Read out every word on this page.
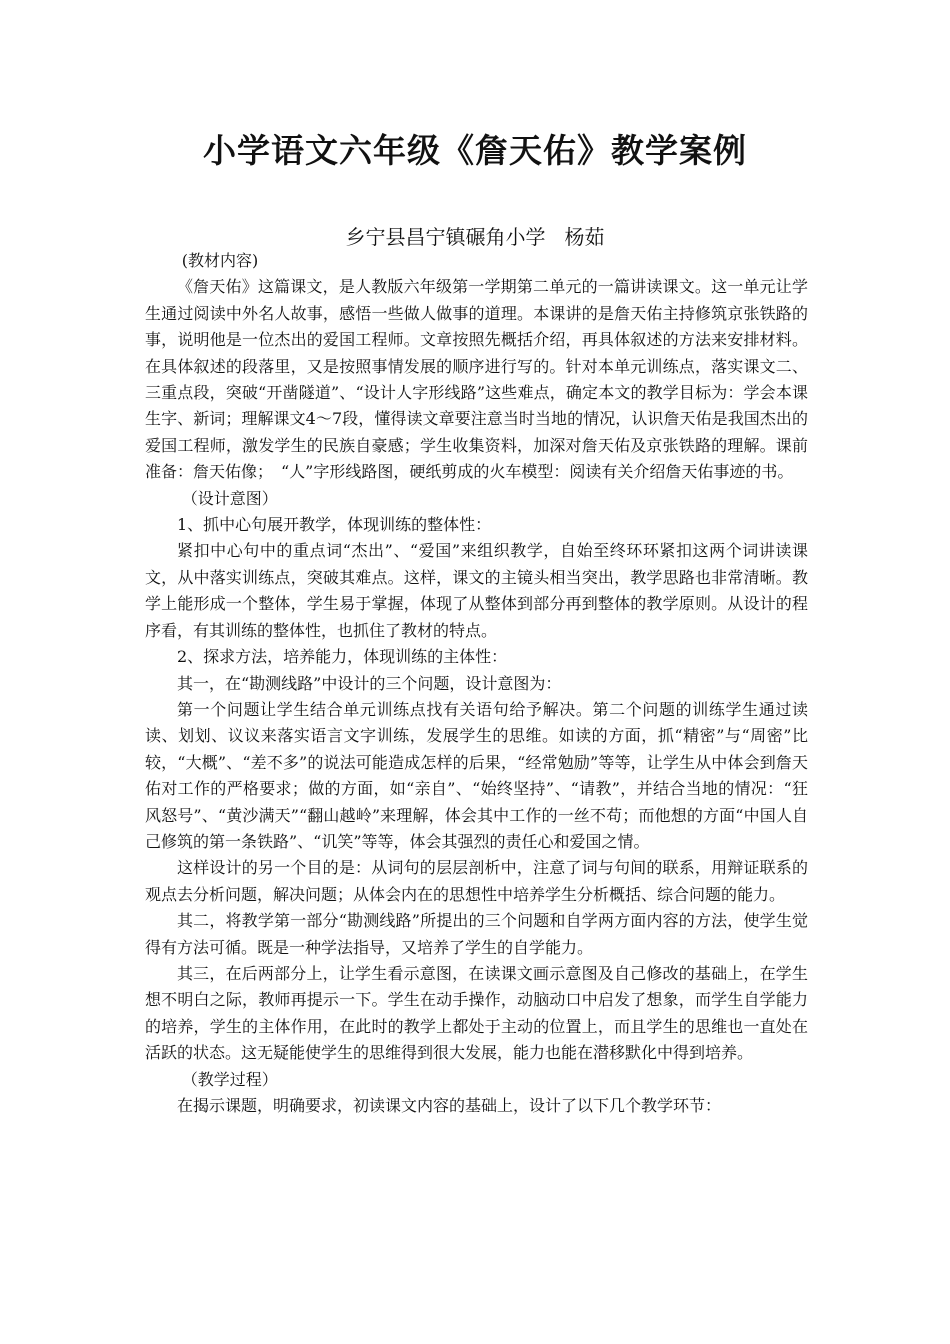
小学语文六年级《詹天佑》教学案例

乡宁县昌宁镇碾角小学   杨茹

(教材内容)

《詹天佑》这篇课文，是人教版六年级第一学期第二单元的一篇讲读课文。这一单元让学生通过阅读中外名人故事，感悟一些做人做事的道理。本课讲的是詹天佑主持修筑京张铁路的事，说明他是一位杰出的爱国工程师。文章按照先概括介绍，再具体叙述的方法来安排材料。在具体叙述的段落里，又是按照事情发展的顺序进行写的。针对本单元训练点，落实课文二、三重点段，突破“开凿隧道”、“设计人字形线路”这些难点，确定本文的教学目标为：学会本课生字、新词；理解课文4～7段，懂得读文章要注意当时当地的情况，认识詹天佑是我国杰出的爱国工程师，激发学生的民族自豪感；学生收集资料，加深对詹天佑及京张铁路的理解。课前准备：詹天佑像；　“人”字形线路图，硬纸剪成的火车模型：阅读有关介绍詹天佑事迹的书。

（设计意图）

1、抓中心句展开教学，体现训练的整体性：

紧扣中心句中的重点词“杰出”、“爱国”来组织教学，自始至终环环紧扣这两个词讲读课文，从中落实训练点，突破其难点。这样，课文的主镜头相当突出，教学思路也非常清晰。教学上能形成一个整体，学生易于掌握，体现了从整体到部分再到整体的教学原则。从设计的程序看，有其训练的整体性，也抓住了教材的特点。

2、探求方法，培养能力，体现训练的主体性：

其一，在“勘测线路”中设计的三个问题，设计意图为：

第一个问题让学生结合单元训练点找有关语句给予解决。第二个问题的训练学生通过读读、划划、议议来落实语言文字训练，发展学生的思维。如读的方面，抓“精密”与“周密”比较，“大概”、“差不多”的说法可能造成怎样的后果，“经常勉励”等等，让学生从中体会到詹天佑对工作的严格要求；做的方面，如“亲自”、“始终坚持”、“请教”，并结合当地的情况：“狂风怒号”、“黄沙满天”“翻山越岭”来理解，体会其中工作的一丝不苟；而他想的方面“中国人自己修筑的第一条铁路”、“讥笑”等等，体会其强烈的责任心和爱国之情。

这样设计的另一个目的是：从词句的层层剖析中，注意了词与句间的联系，用辩证联系的观点去分析问题，解决问题；从体会内在的思想性中培养学生分析概括、综合问题的能力。

其二，将教学第一部分“勘测线路”所提出的三个问题和自学两方面内容的方法，使学生觉得有方法可循。既是一种学法指导，又培养了学生的自学能力。

其三，在后两部分上，让学生看示意图，在读课文画示意图及自己修改的基础上，在学生想不明白之际，教师再提示一下。学生在动手操作，动脑动口中启发了想象，而学生自学能力的培养，学生的主体作用，在此时的教学上都处于主动的位置上，而且学生的思维也一直处在活跃的状态。这无疑能使学生的思维得到很大发展，能力也能在潜移默化中得到培养。

（教学过程）

在揭示课题，明确要求，初读课文内容的基础上，设计了以下几个教学环节：
